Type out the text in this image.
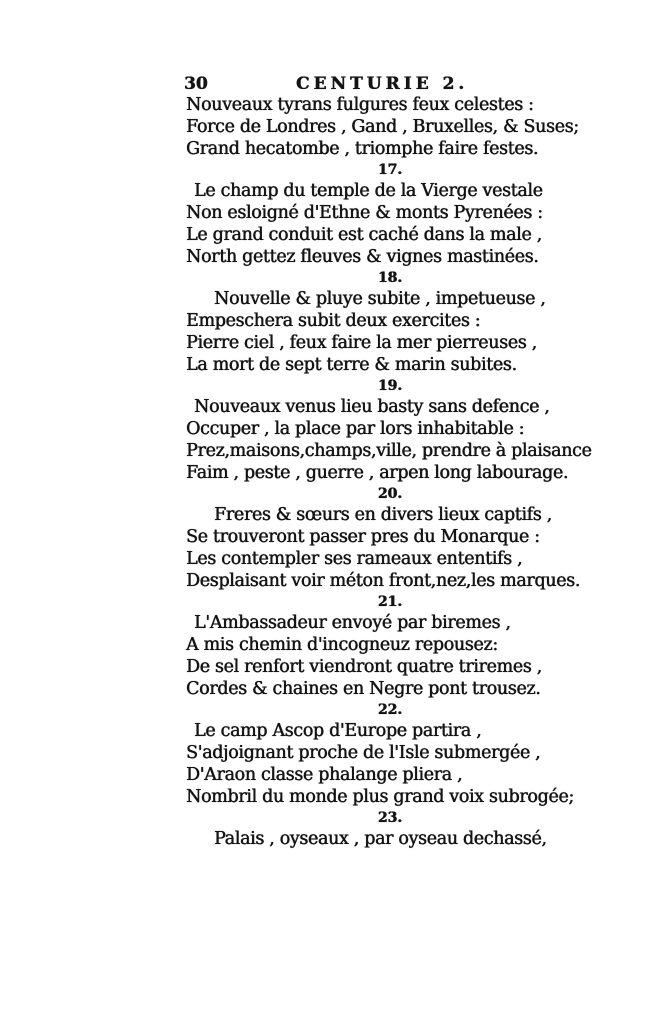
30	CENTURIE 2.
Nouveaux tyrans fulgures feux celestes :
Force de Londres , Gand , Bruxelles, & Suses;
Grand hecatombe , triomphe faire festes.
17.
Le champ du temple de la Vierge vestale
Non esloigné d'Ethne & monts Pyrenées :
Le grand conduit est caché dans la male ,
North gettez fleuves & vignes mastinées.
18.
Nouvelle & pluye subite , impetueuse ,
Empeschera subit deux exercites :
Pierre ciel , feux faire la mer pierreuses ,
La mort de sept terre & marin subites.
19.
Nouveaux venus lieu basty sans defence ,
Occuper , la place par lors inhabitable :
Prez,maisons,champs,ville, prendre à plaisance
Faim , peste , guerre , arpen long labourage.
20.
Freres & sœurs en divers lieux captifs ,
Se trouveront passer pres du Monarque :
Les contempler ses rameaux ententifs ,
Desplaisant voir méton front,nez,les marques.
21.
L'Ambassadeur envoyé par biremes ,
A mis chemin d'incogneuz repousez:
De sel renfort viendront quatre triremes ,
Cordes & chaines en Negre pont trousez.
22.
Le camp Ascop d'Europe partira ,
S'adjoignant proche de l'Isle submergée ,
D'Araon classe phalange pliera ,
Nombril du monde plus grand voix subrogée;
23.
Palais , oyseaux , par oyseau dechassé,
